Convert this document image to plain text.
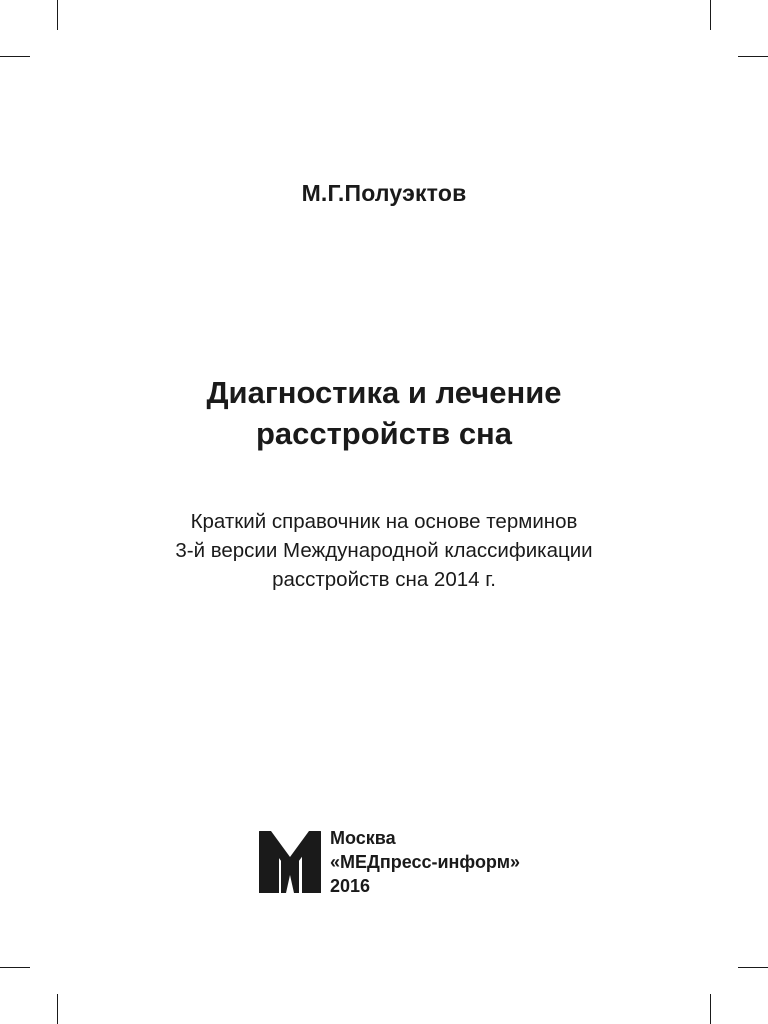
М.Г.Полуэктов
Диагностика и лечение
расстройств сна
Краткий справочник на основе терминов
3-й версии Международной классификации
расстройств сна 2014 г.
Москва
«МЕДпресс-информ»
2016
